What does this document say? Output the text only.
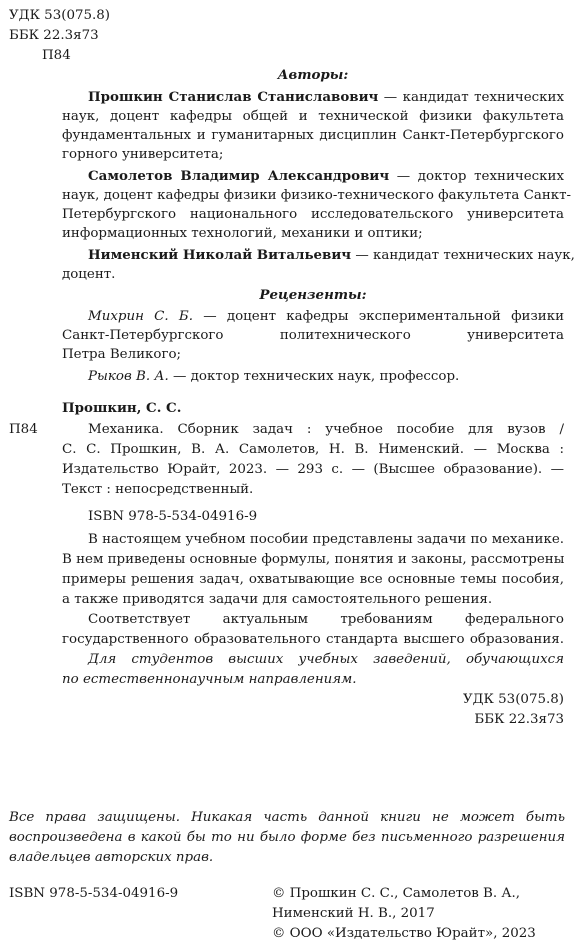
УДК 53(075.8)
ББК 22.3я73
П84
Авторы:
Прошкин Станислав Станиславович — кандидат технических
наук, доцент кафедры общей и технической физики факультета
фундаментальных и гуманитарных дисциплин Санкт-Петербургского
горного университета;
Самолетов Владимир Александрович — доктор технических
наук, доцент кафедры физики физико-технического факультета Санкт-
Петербургского национального исследовательского университета
информационных технологий, механики и оптики;
Нименский Николай Витальевич — кандидат технических наук,
доцент.
Рецензенты:
Михрин С. Б. — доцент кафедры экспериментальной физики
Санкт-Петербургского политехнического университета
Петра Великого;
Рыков В. А. — доктор технических наук, профессор.
Прошкин, С. С.
П84	Механика. Сборник задач : учебное пособие для вузов /
С. С. Прошкин, В. А. Самолетов, Н. В. Нименский. — Москва :
Издательство Юрайт, 2023. — 293 с. — (Высшее образование). —
Текст : непосредственный.
ISBN 978-5-534-04916-9
В настоящем учебном пособии представлены задачи по механике.
В нем приведены основные формулы, понятия и законы, рассмотрены
примеры решения задач, охватывающие все основные темы пособия,
а также приводятся задачи для самостоятельного решения.
Соответствует актуальным требованиям федерального
государственного образовательного стандарта высшего образования.
Для студентов высших учебных заведений, обучающихся
по естественнонаучным направлениям.
УДК 53(075.8)
ББК 22.3я73
Все права защищены. Никакая часть данной книги не может быть
воспроизведена в какой бы то ни было форме без письменного разрешения
владельцев авторских прав.
ISBN 978-5-534-04916-9	© Прошкин С. С., Самолетов В. А.,
Нименский Н. В., 2017
© ООО «Издательство Юрайт», 2023
